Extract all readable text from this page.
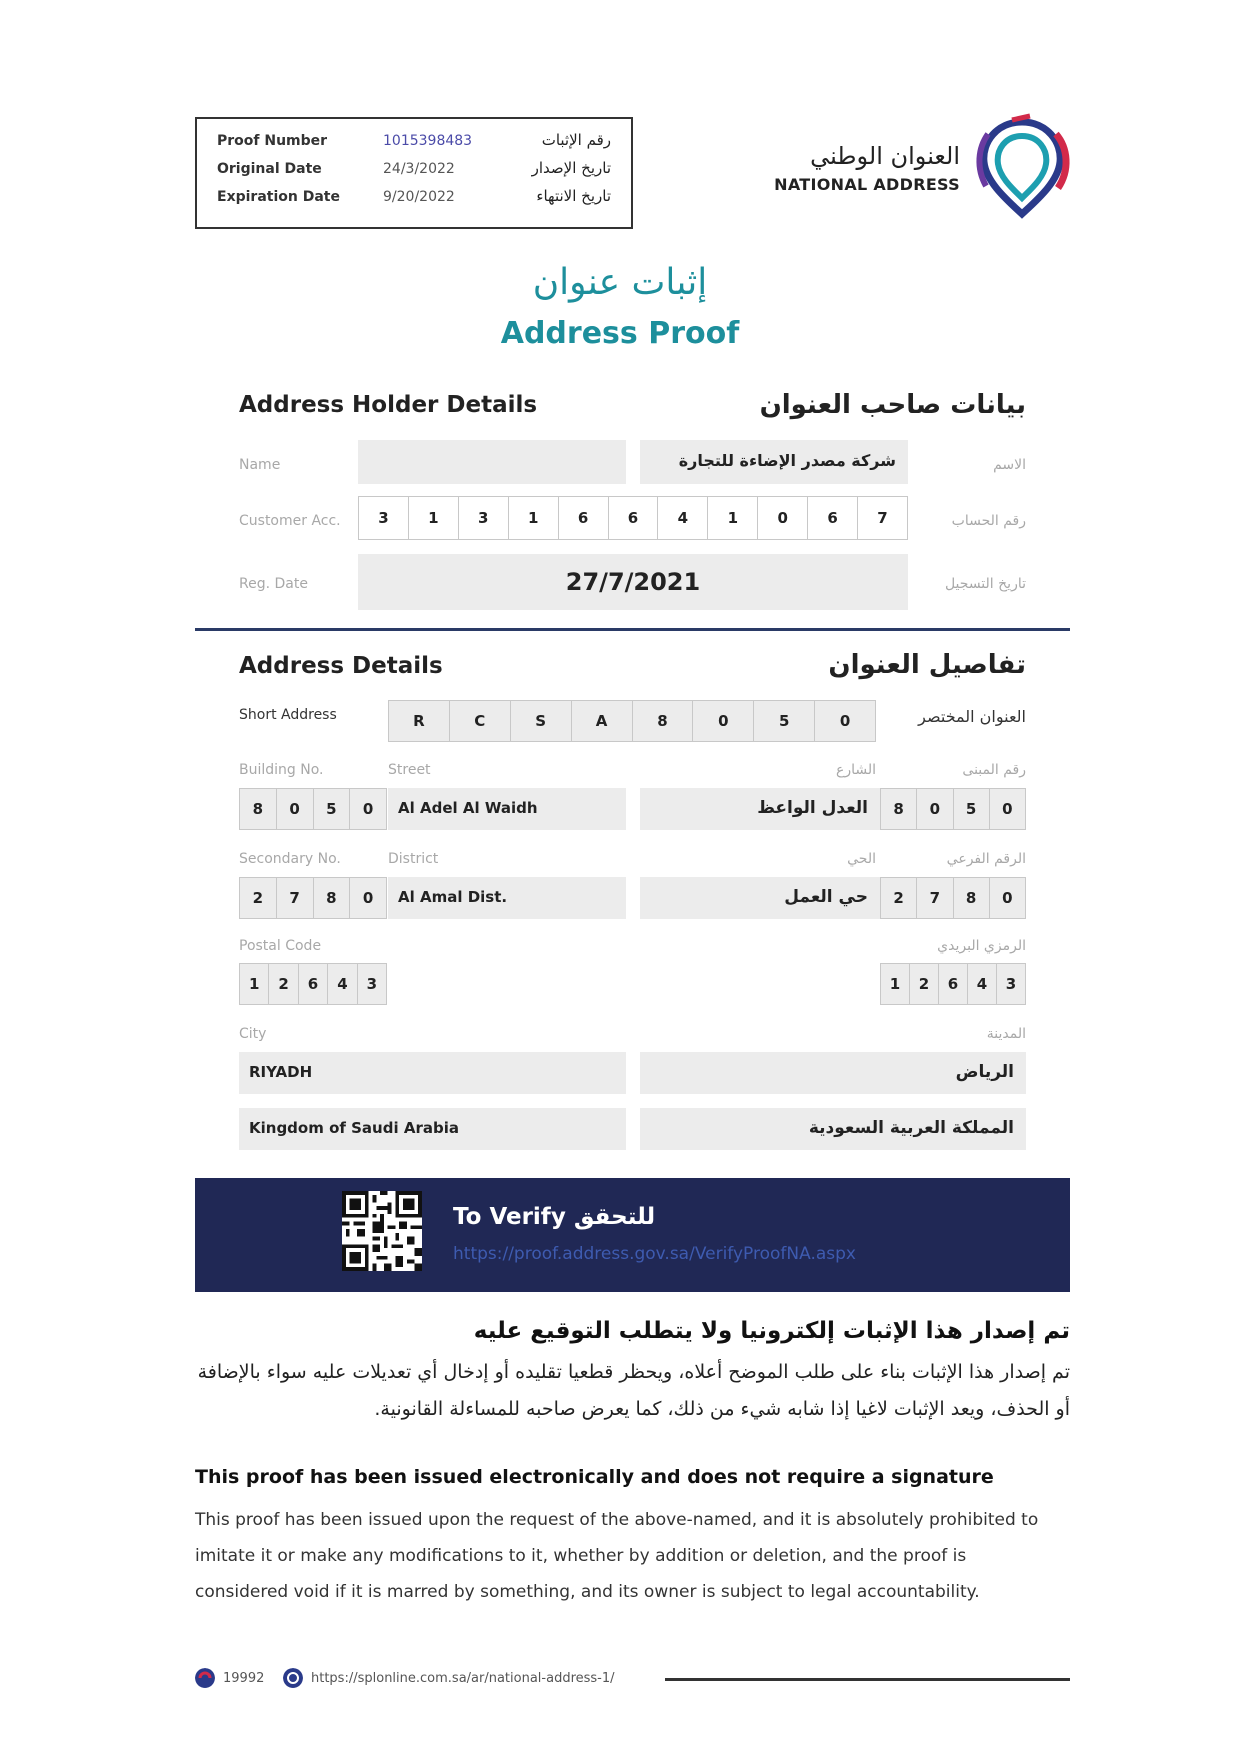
Proof Number	1015398483	رقم الإثبات
Original Date	24/3/2022	تاريخ الإصدار
Expiration Date	9/20/2022	تاريخ الانتهاء
العنوان الوطني
NATIONAL ADDRESS
إثبات عنوان
Address Proof
Address Holder Details	بيانات صاحب العنوان
Name	شركة مصدر الإضاءة للتجارة	الاسم
Customer Acc.	3	1	3	1	6	6	4	1	0	6	7	رقم الحساب
Reg. Date	27/7/2021	تاريخ التسجيل
Address Details	تفاصيل العنوان
Short Address	R	C	S	A	8	0	5	0	العنوان المختصر
Building No.	Street	الشارع	رقم المبنى
8	0	5	0	Al Adel Al Waidh	العدل الواعظ	8	0	5	0
Secondary No.	District	الحي	الرقم الفرعي
2	7	8	0	Al Amal Dist.	حي العمل	2	7	8	0
Postal Code	الرمزي البريدي
1	2	6	4	3	1	2	6	4	3
City	المدينة
RIYADH	الرياض
Kingdom of Saudi Arabia	المملكة العربية السعودية
To Verify للتحقق
https://proof.address.gov.sa/VerifyProofNA.aspx
تم إصدار هذا الإثبات إلكترونيا ولا يتطلب التوقيع عليه
تم إصدار هذا الإثبات بناء على طلب الموضح أعلاه، ويحظر قطعيا تقليده أو إدخال أي تعديلات عليه سواء بالإضافة أو الحذف، ويعد الإثبات لاغيا إذا شابه شيء من ذلك، كما يعرض صاحبه للمساءلة القانونية.
This proof has been issued electronically and does not require a signature
This proof has been issued upon the request of the above-named, and it is absolutely prohibited to imitate it or make any modifications to it, whether by addition or deletion, and the proof is considered void if it is marred by something, and its owner is subject to legal accountability.
19992	https://splonline.com.sa/ar/national-address-1/
